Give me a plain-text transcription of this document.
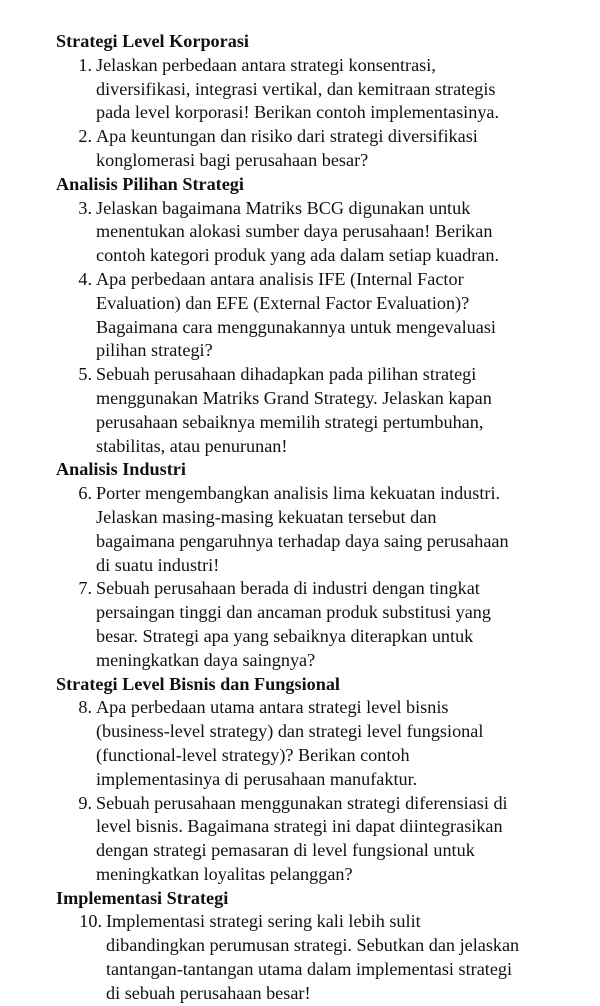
Strategi Level Korporasi
1. Jelaskan perbedaan antara strategi konsentrasi,
diversifikasi, integrasi vertikal, dan kemitraan strategis
pada level korporasi! Berikan contoh implementasinya.
2. Apa keuntungan dan risiko dari strategi diversifikasi
konglomerasi bagi perusahaan besar?
Analisis Pilihan Strategi
3. Jelaskan bagaimana Matriks BCG digunakan untuk
menentukan alokasi sumber daya perusahaan! Berikan
contoh kategori produk yang ada dalam setiap kuadran.
4. Apa perbedaan antara analisis IFE (Internal Factor
Evaluation) dan EFE (External Factor Evaluation)?
Bagaimana cara menggunakannya untuk mengevaluasi
pilihan strategi?
5. Sebuah perusahaan dihadapkan pada pilihan strategi
menggunakan Matriks Grand Strategy. Jelaskan kapan
perusahaan sebaiknya memilih strategi pertumbuhan,
stabilitas, atau penurunan!
Analisis Industri
6. Porter mengembangkan analisis lima kekuatan industri.
Jelaskan masing-masing kekuatan tersebut dan
bagaimana pengaruhnya terhadap daya saing perusahaan
di suatu industri!
7. Sebuah perusahaan berada di industri dengan tingkat
persaingan tinggi dan ancaman produk substitusi yang
besar. Strategi apa yang sebaiknya diterapkan untuk
meningkatkan daya saingnya?
Strategi Level Bisnis dan Fungsional
8. Apa perbedaan utama antara strategi level bisnis
(business-level strategy) dan strategi level fungsional
(functional-level strategy)? Berikan contoh
implementasinya di perusahaan manufaktur.
9. Sebuah perusahaan menggunakan strategi diferensiasi di
level bisnis. Bagaimana strategi ini dapat diintegrasikan
dengan strategi pemasaran di level fungsional untuk
meningkatkan loyalitas pelanggan?
Implementasi Strategi
10. Implementasi strategi sering kali lebih sulit
dibandingkan perumusan strategi. Sebutkan dan jelaskan
tantangan-tantangan utama dalam implementasi strategi
di sebuah perusahaan besar!
